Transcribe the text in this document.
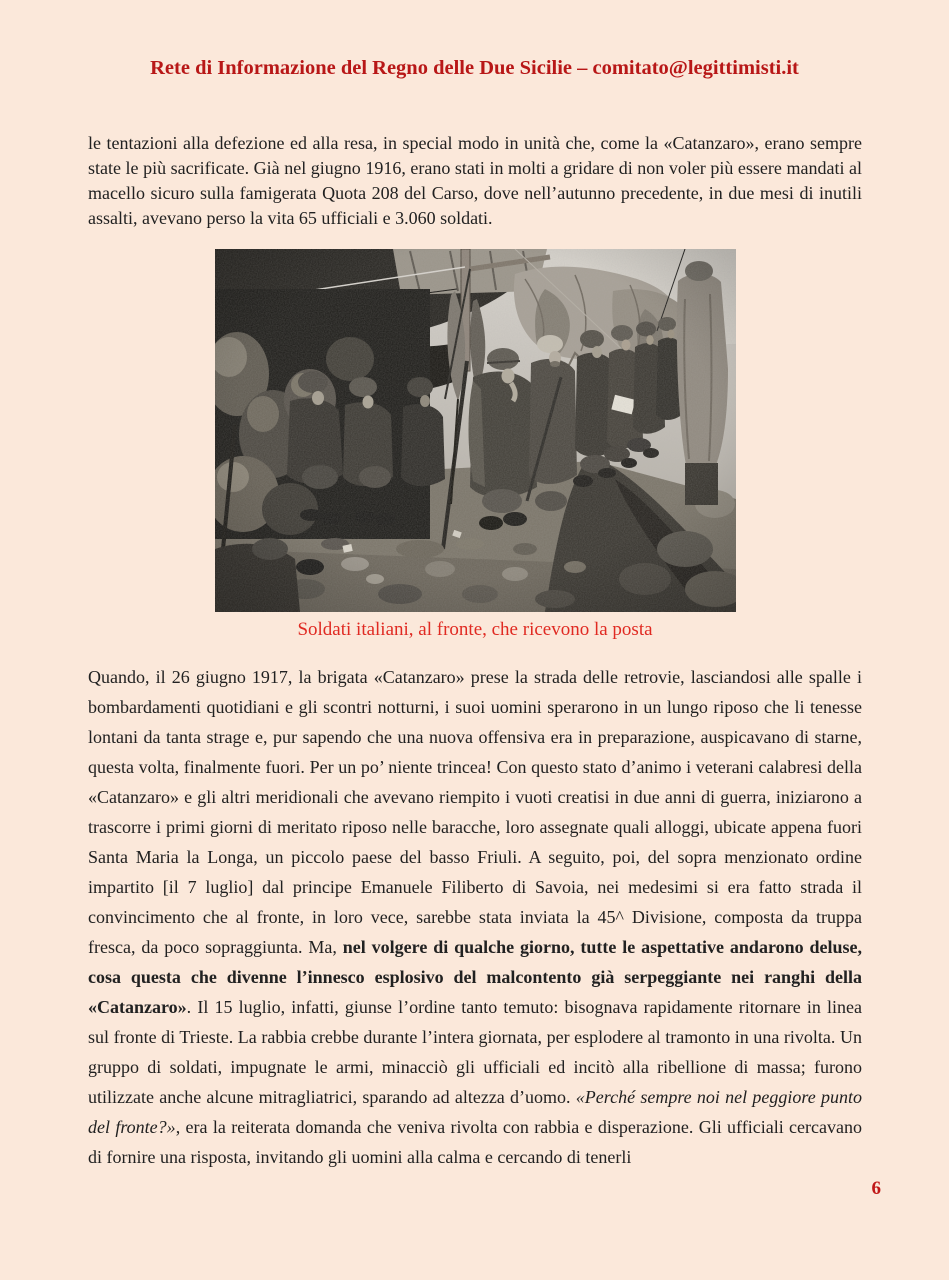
Rete di Informazione del Regno delle Due Sicilie – comitato@legittimisti.it

le tentazioni alla defezione ed alla resa, in special modo in unità che, come la «Catanzaro», erano sempre state le più sacrificate. Già nel giugno 1916, erano stati in molti a gridare di non voler più essere mandati al macello sicuro sulla famigerata Quota 208 del Carso, dove nell’autunno precedente, in due mesi di inutili assalti, avevano perso la vita 65 ufficiali e 3.060 soldati.

Soldati italiani, al fronte, che ricevono la posta

Quando, il 26 giugno 1917, la brigata «Catanzaro» prese la strada delle retrovie, lasciandosi alle spalle i bombardamenti quotidiani e gli scontri notturni, i suoi uomini sperarono in un lungo riposo che li tenesse lontani da tanta strage e, pur sapendo che una nuova offensiva era in preparazione, auspicavano di starne, questa volta, finalmente fuori. Per un po’ niente trincea! Con questo stato d’animo i veterani calabresi della «Catanzaro» e gli altri meridionali che avevano riempito i vuoti creatisi in due anni di guerra, iniziarono a trascorre i primi giorni di meritato riposo nelle baracche, loro assegnate quali alloggi, ubicate appena fuori Santa Maria la Longa, un piccolo paese del basso Friuli. A seguito, poi, del sopra menzionato ordine impartito [il 7 luglio] dal principe Emanuele Filiberto di Savoia, nei medesimi si era fatto strada il convincimento che al fronte, in loro vece, sarebbe stata inviata la 45^ Divisione, composta da truppa fresca, da poco sopraggiunta. Ma, nel volgere di qualche giorno, tutte le aspettative andarono deluse, cosa questa che divenne l’innesco esplosivo del malcontento già serpeggiante nei ranghi della «Catanzaro». Il 15 luglio, infatti, giunse l’ordine tanto temuto: bisognava rapidamente ritornare in linea sul fronte di Trieste. La rabbia crebbe durante l’intera giornata, per esplodere al tramonto in una rivolta. Un gruppo di soldati, impugnate le armi, minacciò gli ufficiali ed incitò alla ribellione di massa; furono utilizzate anche alcune mitragliatrici, sparando ad altezza d’uomo. «Perché sempre noi nel peggiore punto del fronte?», era la reiterata domanda che veniva rivolta con rabbia e disperazione. Gli ufficiali cercavano di fornire una risposta, invitando gli uomini alla calma e cercando di tenerli

6
